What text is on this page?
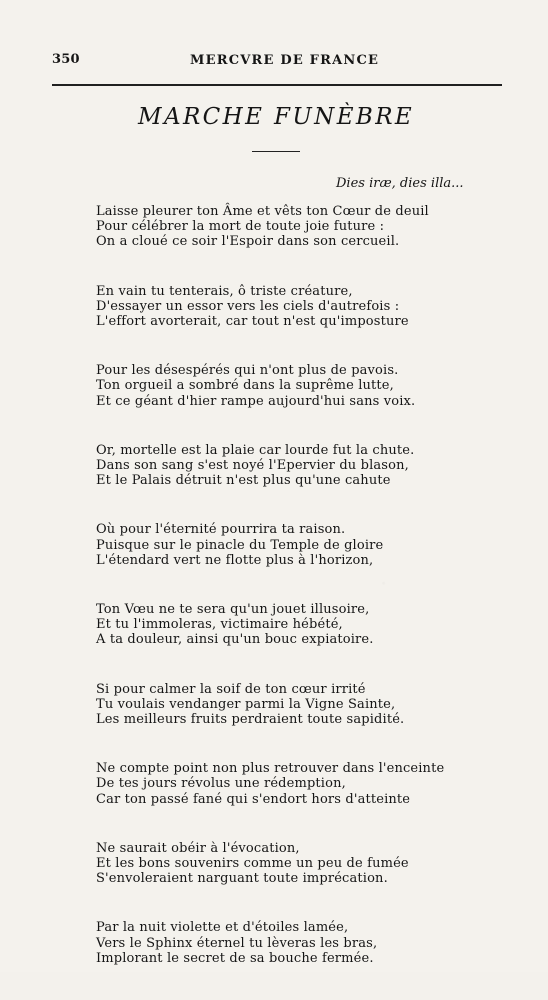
350	MERCVRE DE FRANCE
MARCHE FUNÈBRE
Dies iræ, dies illa...
Laisse pleurer ton Âme et vêts ton Cœur de deuil
Pour célébrer la mort de toute joie future :
On a cloué ce soir l'Espoir dans son cercueil.
En vain tu tenterais, ô triste créature,
D'essayer un essor vers les ciels d'autrefois :
L'effort avorterait, car tout n'est qu'imposture
Pour les désespérés qui n'ont plus de pavois.
Ton orgueil a sombré dans la suprême lutte,
Et ce géant d'hier rampe aujourd'hui sans voix.
Or, mortelle est la plaie car lourde fut la chute.
Dans son sang s'est noyé l'Epervier du blason,
Et le Palais détruit n'est plus qu'une cahute
Où pour l'éternité pourrira ta raison.
Puisque sur le pinacle du Temple de gloire
L'étendard vert ne flotte plus à l'horizon,
Ton Vœu ne te sera qu'un jouet illusoire,
Et tu l'immoleras, victimaire hébété,
A ta douleur, ainsi qu'un bouc expiatoire.
Si pour calmer la soif de ton cœur irrité
Tu voulais vendanger parmi la Vigne Sainte,
Les meilleurs fruits perdraient toute sapidité.
Ne compte point non plus retrouver dans l'enceinte
De tes jours révolus une rédemption,
Car ton passé fané qui s'endort hors d'atteinte
Ne saurait obéir à l'évocation,
Et les bons souvenirs comme un peu de fumée
S'envoleraient narguant toute imprécation.
Par la nuit violette et d'étoiles lamée,
Vers le Sphinx éternel tu lèveras les bras,
Implorant le secret de sa bouche fermée.
